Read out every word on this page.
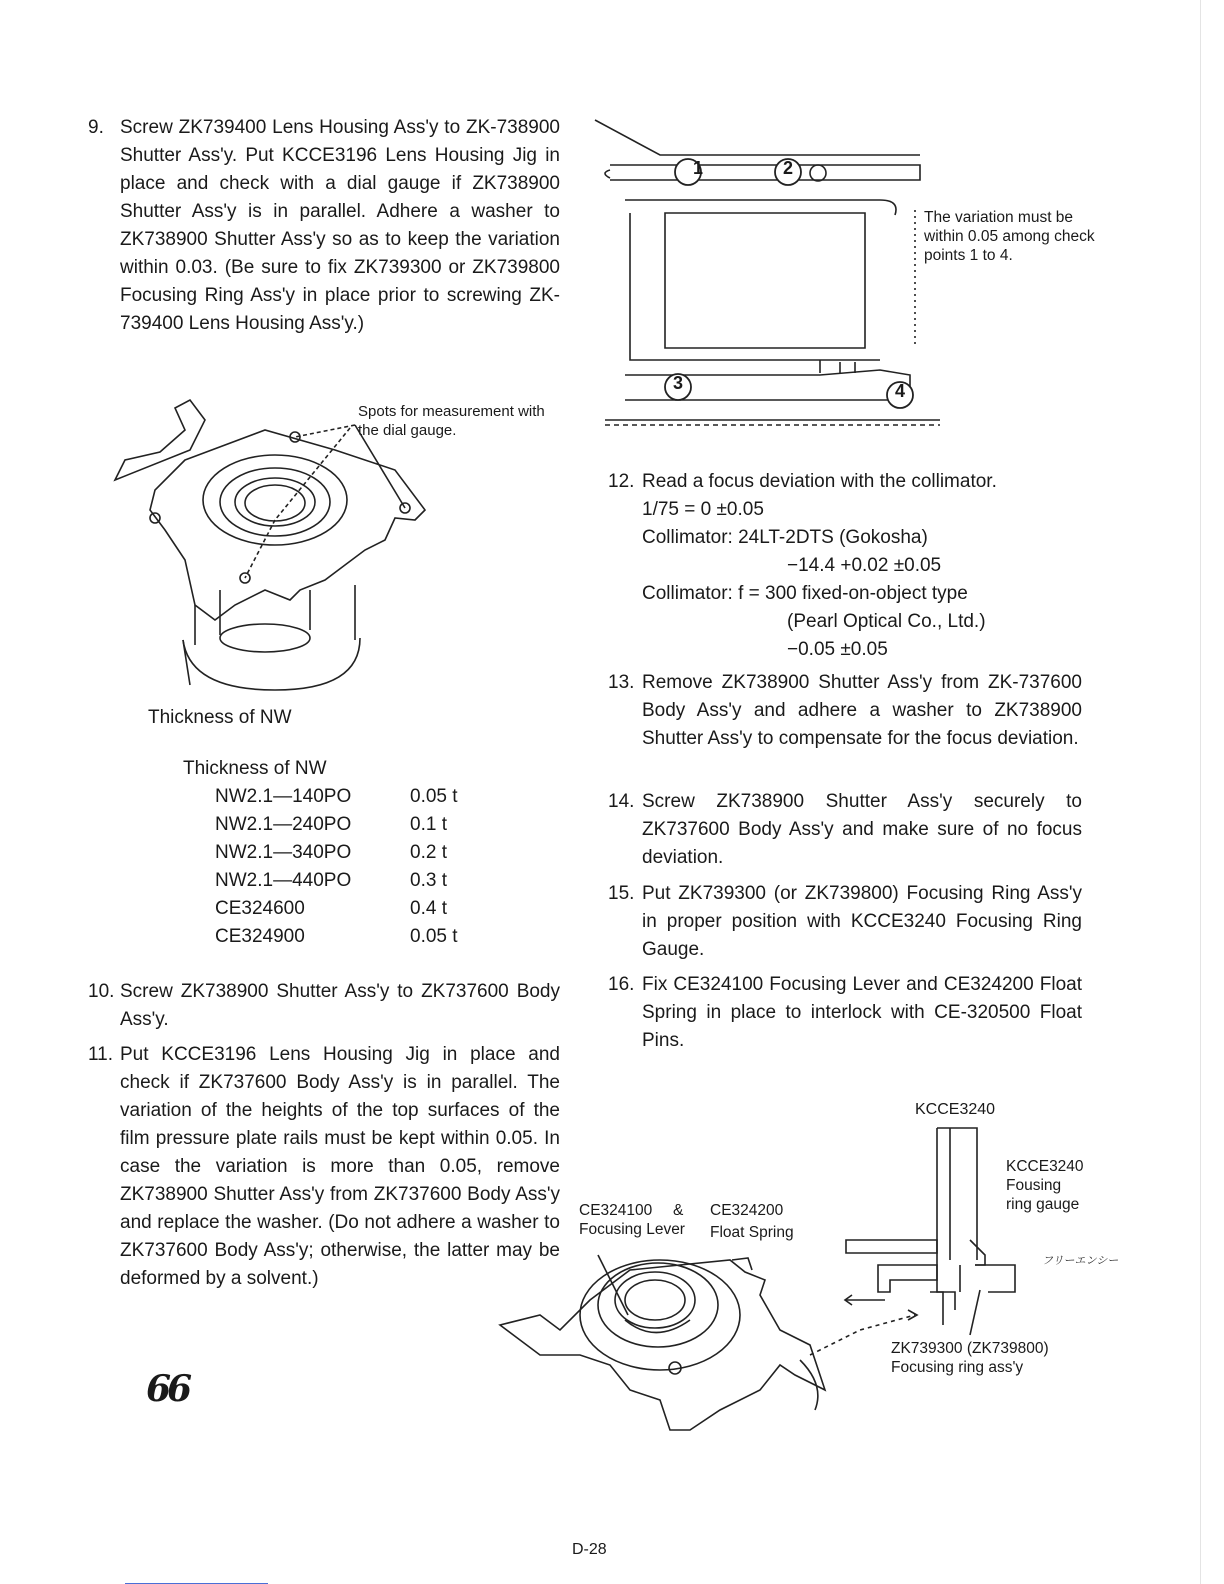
9. Screw ZK739400 Lens Housing Ass'y to ZK-738900 Shutter Ass'y. Put KCCE3196 Lens Housing Jig in place and check with a dial gauge if ZK738900 Shutter Ass'y is in parallel. Adhere a washer to ZK738900 Shutter Ass'y so as to keep the variation within 0.03. (Be sure to fix ZK739300 or ZK739800 Focusing Ring Ass'y in place prior to screwing ZK-739400 Lens Housing Ass'y.)
Spots for measurement with the dial gauge.
Thickness of NW
Thickness of NW
NW2.1—140PO	0.05 t
NW2.1—240PO	0.1 t
NW2.1—340PO	0.2 t
NW2.1—440PO	0.3 t
CE324600	0.4 t
CE324900	0.05 t
10. Screw ZK738900 Shutter Ass'y to ZK737600 Body Ass'y.
11. Put KCCE3196 Lens Housing Jig in place and check if ZK737600 Body Ass'y is in parallel. The variation of the heights of the top surfaces of the film pressure plate rails must be kept within 0.05. In case the variation is more than 0.05, remove ZK738900 Shutter Ass'y from ZK737600 Body Ass'y and replace the washer. (Do not adhere a washer to ZK737600 Body Ass'y; otherwise, the latter may be deformed by a solvent.)
66
1	2
3	4
The variation must be within 0.05 among check points 1 to 4.
12. Read a focus deviation with the collimator.
1/75 = 0 ±0.05
Collimator: 24LT-2DTS (Gokosha)
−14.4 +0.02 ±0.05
Collimator: f = 300 fixed-on-object type
(Pearl Optical Co., Ltd.)
−0.05 ±0.05
13. Remove ZK738900 Shutter Ass'y from ZK-737600 Body Ass'y and adhere a washer to ZK738900 Shutter Ass'y to compensate for the focus deviation.
14. Screw ZK738900 Shutter Ass'y securely to ZK737600 Body Ass'y and make sure of no focus deviation.
15. Put ZK739300 (or ZK739800) Focusing Ring Ass'y in proper position with KCCE3240 Focusing Ring Gauge.
16. Fix CE324100 Focusing Lever and CE324200 Float Spring in place to interlock with CE-320500 Float Pins.
KCCE3240
KCCE3240
Fousing
ring gauge
CE324100	&	CE324200
Focusing Lever	Float Spring
フリーエンシー
ZK739300 (ZK739800)
Focusing ring ass'y
D-28
